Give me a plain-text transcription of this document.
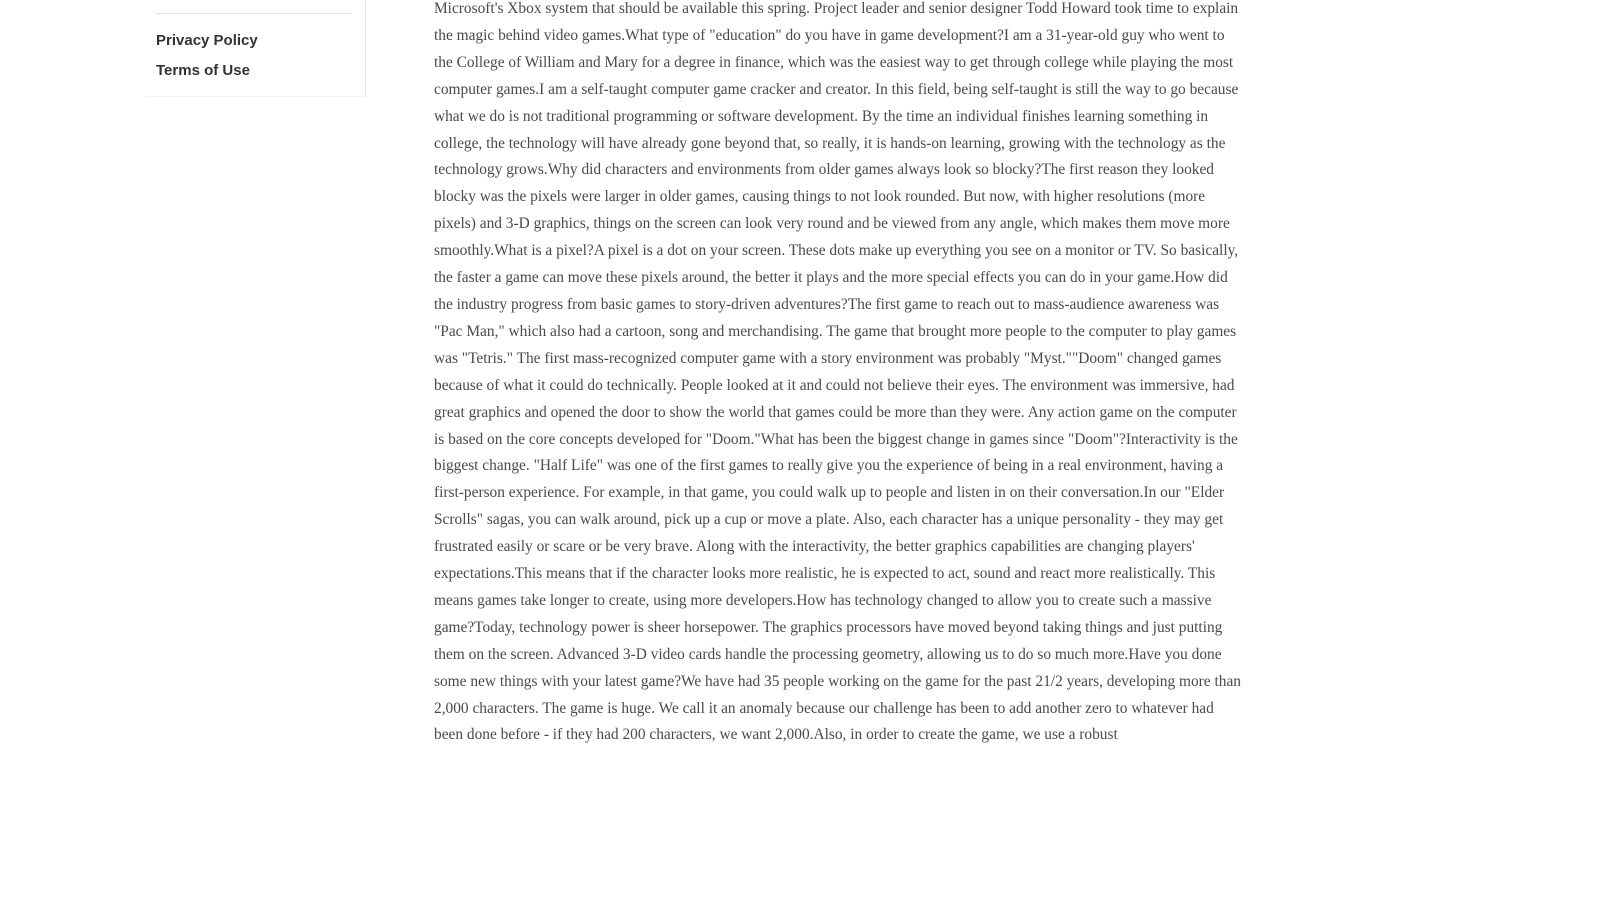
Privacy Policy
Terms of Use

Microsoft's Xbox system that should be available this spring. Project leader and senior designer Todd Howard took time to explain the magic behind video games.What type of "education" do you have in game development?I am a 31-year-old guy who went to the College of William and Mary for a degree in finance, which was the easiest way to get through college while playing the most computer games.I am a self-taught computer game cracker and creator. In this field, being self-taught is still the way to go because what we do is not traditional programming or software development. By the time an individual finishes learning something in college, the technology will have already gone beyond that, so really, it is hands-on learning, growing with the technology as the technology grows.Why did characters and environments from older games always look so blocky?The first reason they looked blocky was the pixels were larger in older games, causing things to not look rounded. But now, with higher resolutions (more pixels) and 3-D graphics, things on the screen can look very round and be viewed from any angle, which makes them move more smoothly.What is a pixel?A pixel is a dot on your screen. These dots make up everything you see on a monitor or TV. So basically, the faster a game can move these pixels around, the better it plays and the more special effects you can do in your game.How did the industry progress from basic games to story-driven adventures?The first game to reach out to mass-audience awareness was "Pac Man," which also had a cartoon, song and merchandising. The game that brought more people to the computer to play games was "Tetris." The first mass-recognized computer game with a story environment was probably "Myst.""Doom" changed games because of what it could do technically. People looked at it and could not believe their eyes. The environment was immersive, had great graphics and opened the door to show the world that games could be more than they were. Any action game on the computer is based on the core concepts developed for "Doom."What has been the biggest change in games since "Doom"?Interactivity is the biggest change. "Half Life" was one of the first games to really give you the experience of being in a real environment, having a first-person experience. For example, in that game, you could walk up to people and listen in on their conversation.In our "Elder Scrolls" sagas, you can walk around, pick up a cup or move a plate. Also, each character has a unique personality - they may get frustrated easily or scare or be very brave. Along with the interactivity, the better graphics capabilities are changing players' expectations.This means that if the character looks more realistic, he is expected to act, sound and react more realistically. This means games take longer to create, using more developers.How has technology changed to allow you to create such a massive game?Today, technology power is sheer horsepower. The graphics processors have moved beyond taking things and just putting them on the screen. Advanced 3-D video cards handle the processing geometry, allowing us to do so much more.Have you done some new things with your latest game?We have had 35 people working on the game for the past 21/2 years, developing more than 2,000 characters. The game is huge. We call it an anomaly because our challenge has been to add another zero to whatever had been done before - if they had 200 characters, we want 2,000.Also, in order to create the game, we use a robust
